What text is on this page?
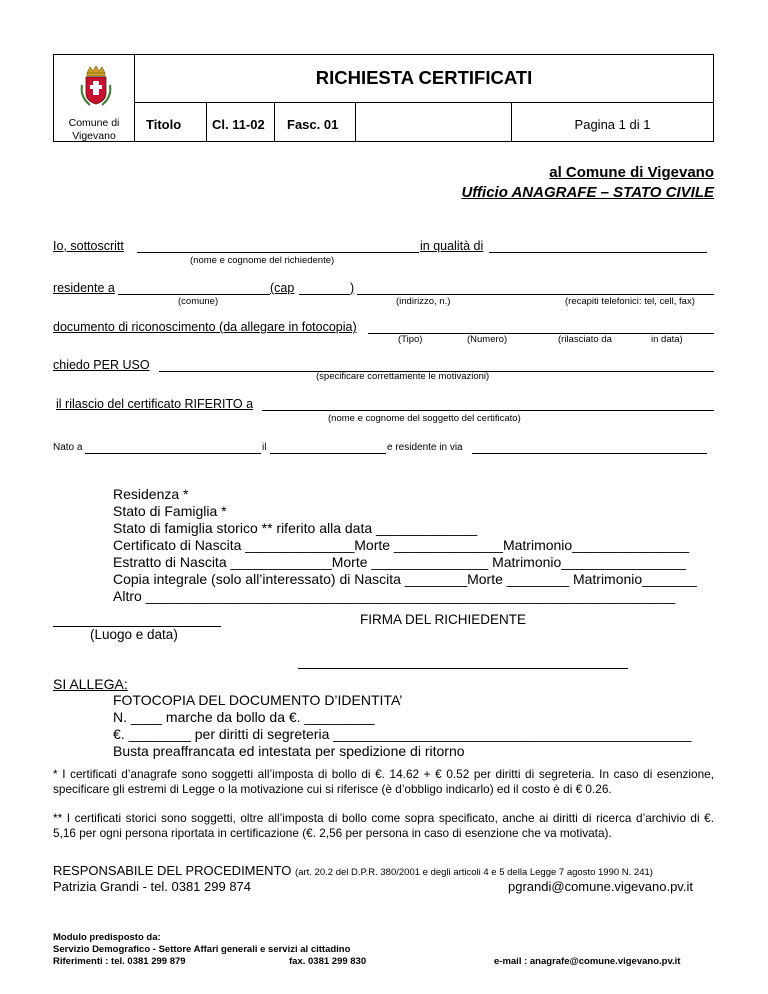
Comune di Vigevano
RICHIESTA CERTIFICATI
Titolo Cl. 11-02 Fasc. 01	Pagina 1 di 1
al Comune di Vigevano
Ufficio ANAGRAFE – STATO CIVILE
Io, sottoscritt	in qualità di
(nome e cognome del richiedente)
residente a	(cap	)
(comune)	(indirizzo, n.)	(recapiti telefonici: tel, cell, fax)
documento di riconoscimento (da allegare in fotocopia)
(Tipo)	(Numero)	(rilasciato da	in data)
chiedo PER USO
(specificare correttamente le motivazioni)
il rilascio del certificato RIFERITO a
(nome e cognome del soggetto del certificato)
Nato a	il	e residente in via
Residenza *
Stato di Famiglia *
Stato di famiglia storico ** riferito alla data _____________
Certificato di Nascita ______________Morte ______________Matrimonio_______________
Estratto di Nascita _____________Morte _______________ Matrimonio________________
Copia integrale (solo all’interessato) di Nascita ________Morte ________ Matrimonio_______
Altro ____________________________________________________________________
(Luogo e data)
FIRMA DEL RICHIEDENTE
SI ALLEGA:
FOTOCOPIA DEL DOCUMENTO D’IDENTITA’
N. ____ marche da bollo da €. _________
€. ________ per diritti di segreteria ______________________________________________
Busta preaffrancata ed intestata per spedizione di ritorno
* I certificati d’anagrafe sono soggetti all’imposta di bollo di €. 14.62 + € 0.52 per diritti di segreteria. In caso di esenzione, specificare gli estremi di Legge o la motivazione cui si riferisce (è d’obbligo indicarlo) ed il costo è di € 0.26.
** I certificati storici sono soggetti, oltre all’imposta di bollo come sopra specificato, anche ai diritti di ricerca d’archivio di €. 5,16 per ogni persona riportata in certificazione (€. 2,56 per persona in caso di esenzione che va motivata).
RESPONSABILE DEL PROCEDIMENTO (art. 20.2 del D.P.R. 380/2001 e degli articoli 4 e 5 della Legge 7 agosto 1990 N. 241)
Patrizia Grandi - tel. 0381 299 874	pgrandi@comune.vigevano.pv.it
Modulo predisposto da:
Servizio Demografico - Settore Affari generali e servizi al cittadino
Riferimenti : tel. 0381 299 879	fax. 0381 299 830	e-mail : anagrafe@comune.vigevano.pv.it
